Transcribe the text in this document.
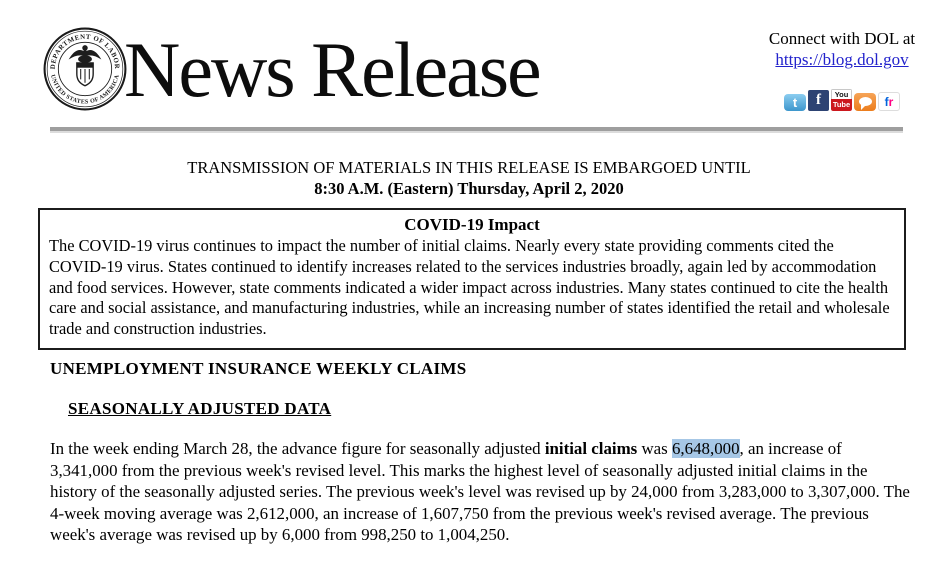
DEPARTMENT OF LABOR
UNITED STATES OF AMERICA News Release	Connect with DOL at
https://blog.dol.gov
t	f	You
Tube	f r
TRANSMISSION OF MATERIALS IN THIS RELEASE IS EMBARGOED UNTIL
8:30 A.M. (Eastern) Thursday, April 2, 2020
COVID-19 Impact
The COVID-19 virus continues to impact the number of initial claims. Nearly every state providing comments cited the COVID-19 virus. States continued to identify increases related to the services industries broadly, again led by accommodation and food services. However, state comments indicated a wider impact across industries. Many states continued to cite the health care and social assistance, and manufacturing industries, while an increasing number of states identified the retail and wholesale trade and construction industries.
UNEMPLOYMENT INSURANCE WEEKLY CLAIMS
SEASONALLY ADJUSTED DATA

In the week ending March 28, the advance figure for seasonally adjusted initial claims was 6,648,000, an increase of 3,341,000 from the previous week's revised level. This marks the highest level of seasonally adjusted initial claims in the history of the seasonally adjusted series. The previous week's level was revised up by 24,000 from 3,283,000 to 3,307,000. The 4-week moving average was 2,612,000, an increase of 1,607,750 from the previous week's revised average. The previous week's average was revised up by 6,000 from 998,250 to 1,004,250.
